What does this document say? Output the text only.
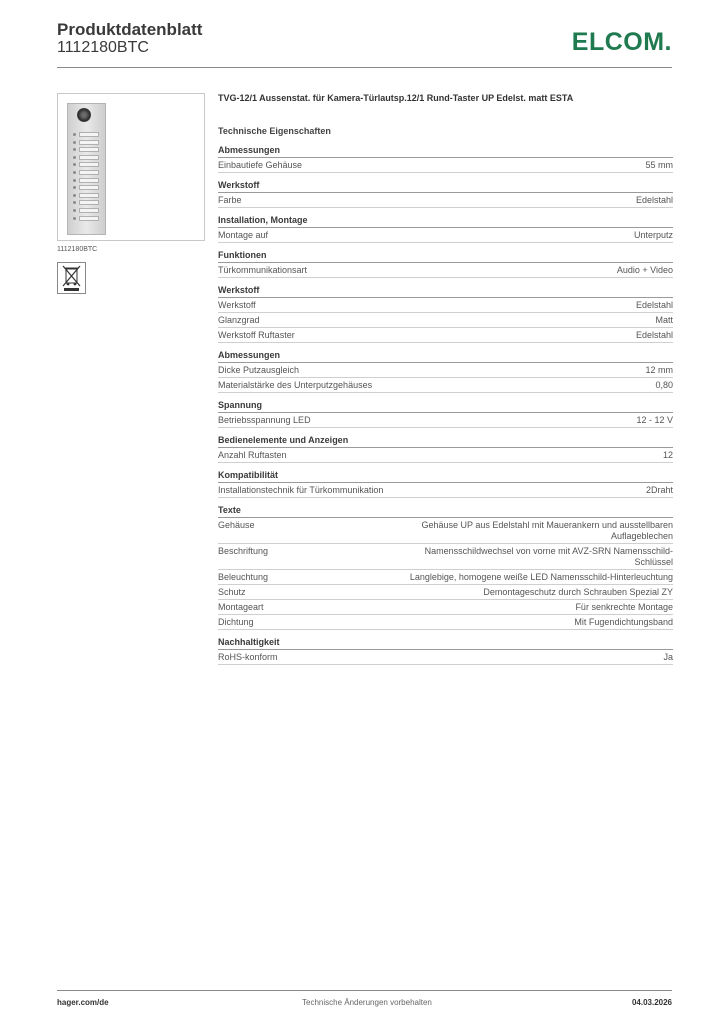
Produktdatenblatt
1112180BTC	ELCOM.
1112180BTC
TVG-12/1 Aussenstat. für Kamera-Türlautsp.12/1 Rund-Taster UP Edelst. matt ESTA
Technische Eigenschaften
Abmessungen
Einbautiefe Gehäuse	55 mm
Werkstoff
Farbe	Edelstahl
Installation, Montage
Montage auf	Unterputz
Funktionen
Türkommunikationsart	Audio + Video
Werkstoff
Werkstoff	Edelstahl
Glanzgrad	Matt
Werkstoff Ruftaster	Edelstahl
Abmessungen
Dicke Putzausgleich	12 mm
Materialstärke des Unterputzgehäuses	0,80
Spannung
Betriebsspannung LED	12 - 12 V
Bedienelemente und Anzeigen
Anzahl Ruftasten	12
Kompatibilität
Installationstechnik für Türkommunikation	2Draht
Texte
Gehäuse	Gehäuse UP aus Edelstahl mit Mauerankern und ausstellbaren Auflageblechen
Beschriftung	Namensschildwechsel von vorne mit AVZ-SRN Namensschild-Schlüssel
Beleuchtung	Langlebige, homogene weiße LED Namensschild-Hinterleuchtung
Schutz	Demontageschutz durch Schrauben Spezial ZY
Montageart	Für senkrechte Montage
Dichtung	Mit Fugendichtungsband
Nachhaltigkeit
RoHS-konform	Ja
hager.com/de	Technische Änderungen vorbehalten	04.03.2026
